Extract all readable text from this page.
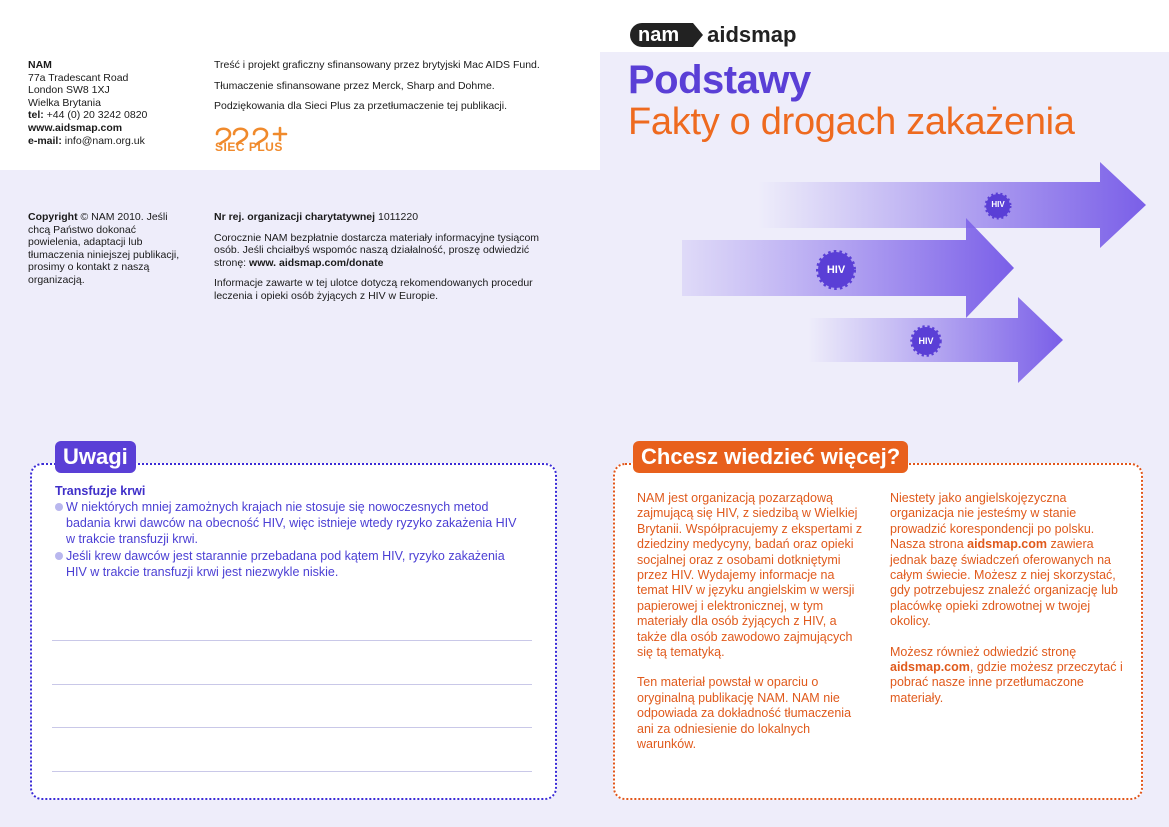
nam	aidsmap
Podstawy
Fakty o drogach zakażenia
NAM
77a Tradescant Road
London SW8 1XJ
Wielka Brytania
tel: +44 (0) 20 3242 0820
www.aidsmap.com
e-mail: info@nam.org.uk
Treść i projekt graficzny sfinansowany przez brytyjski Mac AIDS Fund.
Tłumaczenie sfinansowane przez Merck, Sharp and Dohme.
Podziękowania dla Sieci Plus za przetłumaczenie tej publikacji.
SIEĆ PLUS
Copyright © NAM 2010. Jeśli chcą Państwo dokonać powielenia, adaptacji lub tłumaczenia niniejszej publikacji, prosimy o kontakt z naszą organizacją.
Nr rej. organizacji charytatywnej 1011220
Corocznie NAM bezpłatnie dostarcza materiały informacyjne tysiącom osób. Jeśli chciałbyś wspomóc naszą działalność, proszę odwiedzić stronę: www. aidsmap.com/donate
Informacje zawarte w tej ulotce dotyczą rekomendowanych procedur leczenia i opieki osób żyjących z HIV w Europie.
HIV
HIV
HIV
Uwagi
Transfuzje krwi
W niektórych mniej zamożnych krajach nie stosuje się nowoczesnych metod badania krwi dawców na obecność HIV, więc istnieje wtedy ryzyko zakażenia HIV w trakcie transfuzji krwi.
Jeśli krew dawców jest starannie przebadana pod kątem HIV, ryzyko zakażenia HIV w trakcie transfuzji krwi jest niezwykle niskie.
Chcesz wiedzieć więcej?

NAM jest organizacją pozarządową zajmującą się HIV, z siedzibą w Wielkiej Brytanii. Współpracujemy z ekspertami z dziedziny medycyny, badań oraz opieki socjalnej oraz z osobami dotkniętymi przez HIV. Wydajemy informacje na temat HIV w języku angielskim w wersji papierowej i elektronicznej, w tym materiały dla osób żyjących z HIV, a także dla osób zawodowo zajmujących się tą tematyką.

Ten materiał powstał w oparciu o oryginalną publikację NAM. NAM nie odpowiada za dokładność tłumaczenia ani za odniesienie do lokalnych warunków.

Niestety jako angielskojęzyczna organizacja nie jesteśmy w stanie prowadzić korespondencji po polsku. Nasza strona aidsmap.com zawiera jednak bazę świadczeń oferowanych na całym świecie. Możesz z niej skorzystać, gdy potrzebujesz znaleźć organizację lub placówkę opieki zdrowotnej w twojej okolicy.

Możesz również odwiedzić stronę aidsmap.com, gdzie możesz przeczytać i pobrać nasze inne przetłumaczone materiały.
